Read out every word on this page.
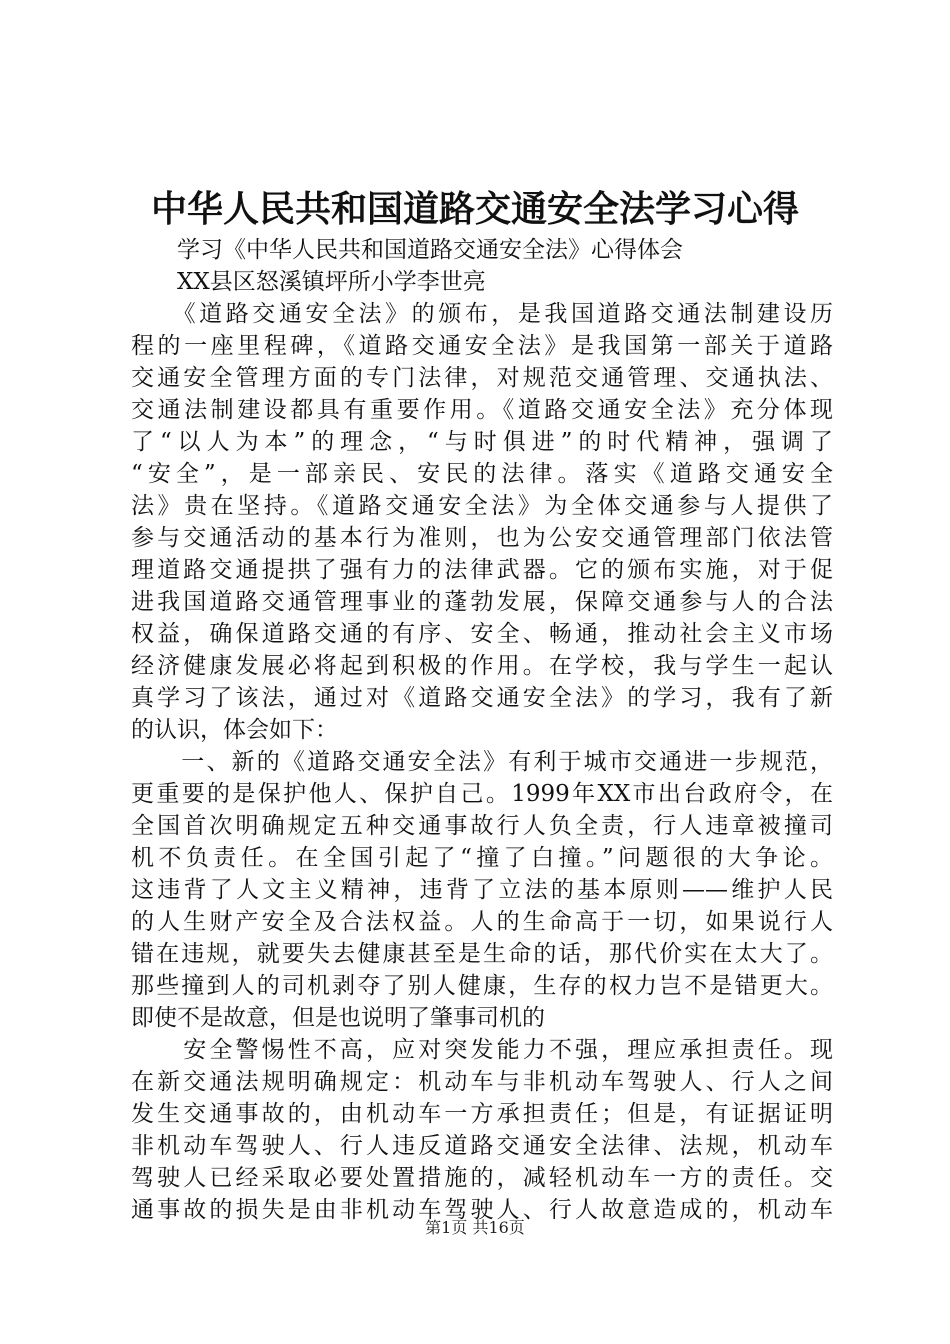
中华人民共和国道路交通安全法学习心得
　　学习《中华人民共和国道路交通安全法》心得体会
　　XX县区怒溪镇坪所小学李世亮
　　《道路交通安全法》的颁布，是我国道路交通法制建设历
程的一座里程碑，《道路交通安全法》是我国第一部关于道路
交通安全管理方面的专门法律，对规范交通管理、交通执法、
交通法制建设都具有重要作用。《道路交通安全法》充分体现
了“以人为本”的理念，“与时俱进”的时代精神，强调了
“安全”，是一部亲民、安民的法律。落实《道路交通安全
法》贵在坚持。《道路交通安全法》为全体交通参与人提供了
参与交通活动的基本行为准则，也为公安交通管理部门依法管
理道路交通提拱了强有力的法律武器。它的颁布实施，对于促
进我国道路交通管理事业的蓬勃发展，保障交通参与人的合法
权益，确保道路交通的有序、安全、畅通，推动社会主义市场
经济健康发展必将起到积极的作用。在学校，我与学生一起认
真学习了该法，通过对《道路交通安全法》的学习，我有了新
的认识，体会如下：
　　一、新的《道路交通安全法》有利于城市交通进一步规范，
更重要的是保护他人、保护自己。1999年XX市出台政府令，在
全国首次明确规定五种交通事故行人负全责，行人违章被撞司
机不负责任。在全国引起了“撞了白撞。”问题很的大争论。
这违背了人文主义精神，违背了立法的基本原则——维护人民
的人生财产安全及合法权益。人的生命高于一切，如果说行人
错在违规，就要失去健康甚至是生命的话，那代价实在太大了。
那些撞到人的司机剥夺了别人健康，生存的权力岂不是错更大。
即使不是故意，但是也说明了肇事司机的
　　安全警惕性不高，应对突发能力不强，理应承担责任。现
在新交通法规明确规定：机动车与非机动车驾驶人、行人之间
发生交通事故的，由机动车一方承担责任；但是，有证据证明
非机动车驾驶人、行人违反道路交通安全法律、法规，机动车
驾驶人已经采取必要处置措施的，减轻机动车一方的责任。交
通事故的损失是由非机动车驾驶人、行人故意造成的，机动车
第1页 共16页
